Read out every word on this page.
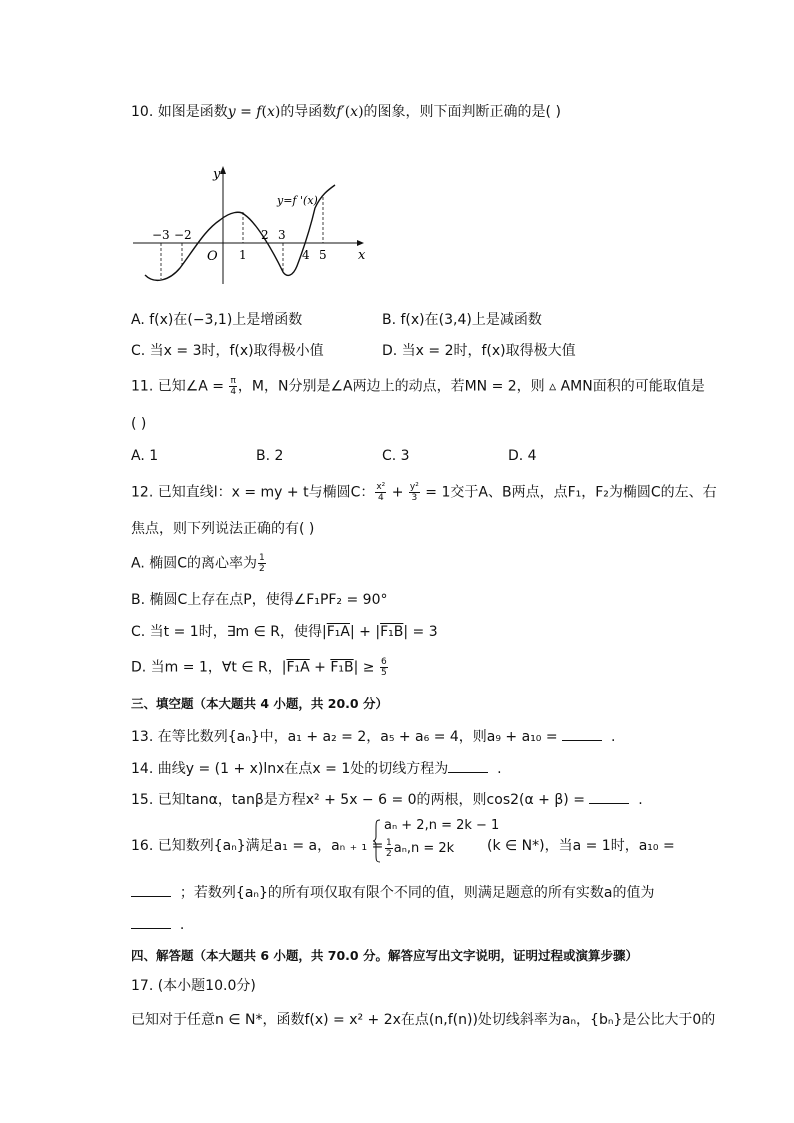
10. 如图是函数y = f(x)的导函数f′(x)的图象，则下面判断正确的是( )
y
x
O
y=f '(x)
−3 −2
1
2 3
4 5
A. f(x)在(−3,1)上是增函数	B. f(x)在(3,4)上是减函数
C. 当x = 3时，f(x)取得极小值	D. 当x = 2时，f(x)取得极大值
11. 已知∠A = $\frac{\pi}{4}$ ，M，N分别是∠A两边上的动点，若MN = 2，则 ▵ AMN面积的可能取值是
( )
A. 1	B. 2	C. 3	D. 4
12. 已知直线l：x = my + t与椭圆C： $\frac{\text{x²}}{4} + \frac{\text{y²}}{3} = 1$交于A、B两点，点F₁，F₂为椭圆C的左、右
焦点，则下列说法正确的有( )
A. 椭圆C的离心率为 $\frac{1}{2}$
B. 椭圆C上存在点P，使得∠F₁PF₂ = 90°
C. 当t = 1时，∃m ∈ R，使得|F₁A| + |F₁B| = 3
D. 当m = 1，∀t ∈ R，$|F_1A + F_1B| \ge \frac{6}{5}$
三、填空题（本大题共 4 小题，共 20.0 分）
13. 在等比数列{aₙ}中，a₁ + a₂ = 2，a₅ + a₆ = 4，则a₉ + a₁₀ =	.
14. 曲线y = (1 + x)lnx在点x = 1处的切线方程为	.
15. 已知tanα，tanβ是方程x² + 5x − 6 = 0的两根，则cos2(α + β) =	.
16. 已知数列{aₙ}满足a₁ = a，aₙ ₊ ₁ =
aₙ + 2,n = 2k − 1
$\frac{1}{2} a_n,n = 2k$ (k ∈ N*)，当a = 1时，a₁₀ =
；若数列{aₙ}的所有项仅取有限个不同的值，则满足题意的所有实数a的值为
.
四、解答题（本大题共 6 小题，共 70.0 分。解答应写出文字说明，证明过程或演算步骤）
17. (本小题10.0分)
已知对于任意n ∈ N*，函数f(x) = x² + 2x在点(n,f(n))处切线斜率为aₙ，{bₙ}是公比大于0的
